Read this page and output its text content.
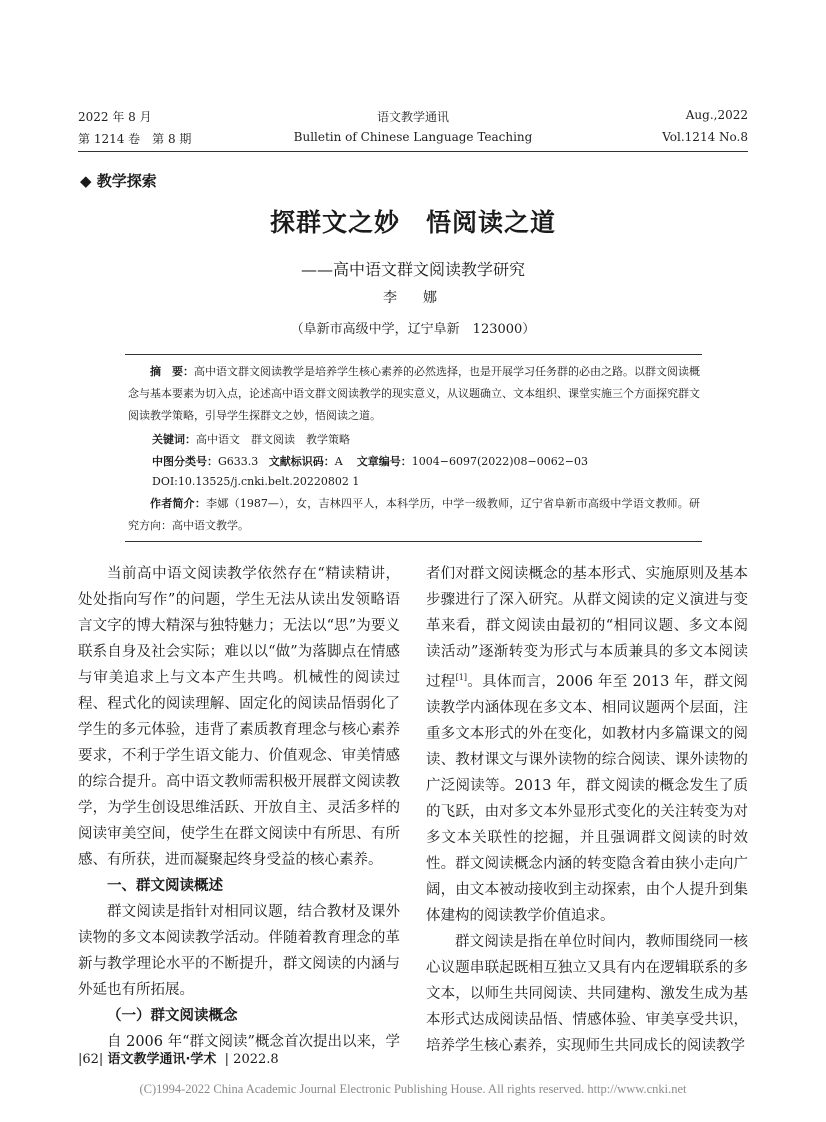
2022 年 8 月
第 1214 卷　第 8 期
语文教学通讯
Bulletin of Chinese Language Teaching
Aug.,2022
Vol.1214 No.8
◆ 教学探索
探群文之妙　悟阅读之道
——高中语文群文阅读教学研究
李　娜
（阜新市高级中学，辽宁阜新　123000）
摘　要：高中语文群文阅读教学是培养学生核心素养的必然选择，也是开展学习任务群的必由之路。以群文阅读概念与基本要素为切入点，论述高中语文群文阅读教学的现实意义，从议题确立、文本组织、课堂实施三个方面探究群文阅读教学策略，引导学生探群文之妙，悟阅读之道。
关键词：高中语文　群文阅读　教学策略
中图分类号：G633.3 文献标识码：A 文章编号：1004−6097(2022)08−0062−03
DOI:10.13525/j.cnki.belt.20220802 1
作者简介：李娜（1987—），女，吉林四平人，本科学历，中学一级教师，辽宁省阜新市高级中学语文教师。研究方向：高中语文教学。

当前高中语文阅读教学依然存在“精读精讲，处处指向写作”的问题，学生无法从读出发领略语言文字的博大精深与独特魅力；无法以“思”为要义联系自身及社会实际；难以以“做”为落脚点在情感与审美追求上与文本产生共鸣。机械性的阅读过程、程式化的阅读理解、固定化的阅读品悟弱化了学生的多元体验，违背了素质教育理念与核心素养要求，不利于学生语文能力、价值观念、审美情感的综合提升。高中语文教师需积极开展群文阅读教学，为学生创设思维活跃、开放自主、灵活多样的阅读审美空间，使学生在群文阅读中有所思、有所感、有所获，进而凝聚起终身受益的核心素养。

一、群文阅读概述

群文阅读是指针对相同议题，结合教材及课外读物的多文本阅读教学活动。伴随着教育理念的革新与教学理论水平的不断提升，群文阅读的内涵与外延也有所拓展。

（一）群文阅读概念

自 2006 年“群文阅读”概念首次提出以来，学

者们对群文阅读概念的基本形式、实施原则及基本步骤进行了深入研究。从群文阅读的定义演进与变革来看，群文阅读由最初的“相同议题、多文本阅读活动”逐渐转变为形式与本质兼具的多文本阅读过程[1]。具体而言，2006 年至 2013 年，群文阅读教学内涵体现在多文本、相同议题两个层面，注重多文本形式的外在变化，如教材内多篇课文的阅读、教材课文与课外读物的综合阅读、课外读物的广泛阅读等。2013 年，群文阅读的概念发生了质的飞跃，由对多文本外显形式变化的关注转变为对多文本关联性的挖掘，并且强调群文阅读的时效性。群文阅读概念内涵的转变隐含着由狭小走向广阔，由文本被动接收到主动探索，由个人提升到集体建构的阅读教学价值追求。

群文阅读是指在单位时间内，教师围绕同一核心议题串联起既相互独立又具有内在逻辑联系的多文本，以师生共同阅读、共同建构、激发生成为基本形式达成阅读品悟、情感体验、审美享受共识，培养学生核心素养，实现师生共同成长的阅读教学

|62| 语文教学通讯·学术 | 2022.8
(C)1994-2022 China Academic Journal Electronic Publishing House. All rights reserved. http://www.cnki.net
